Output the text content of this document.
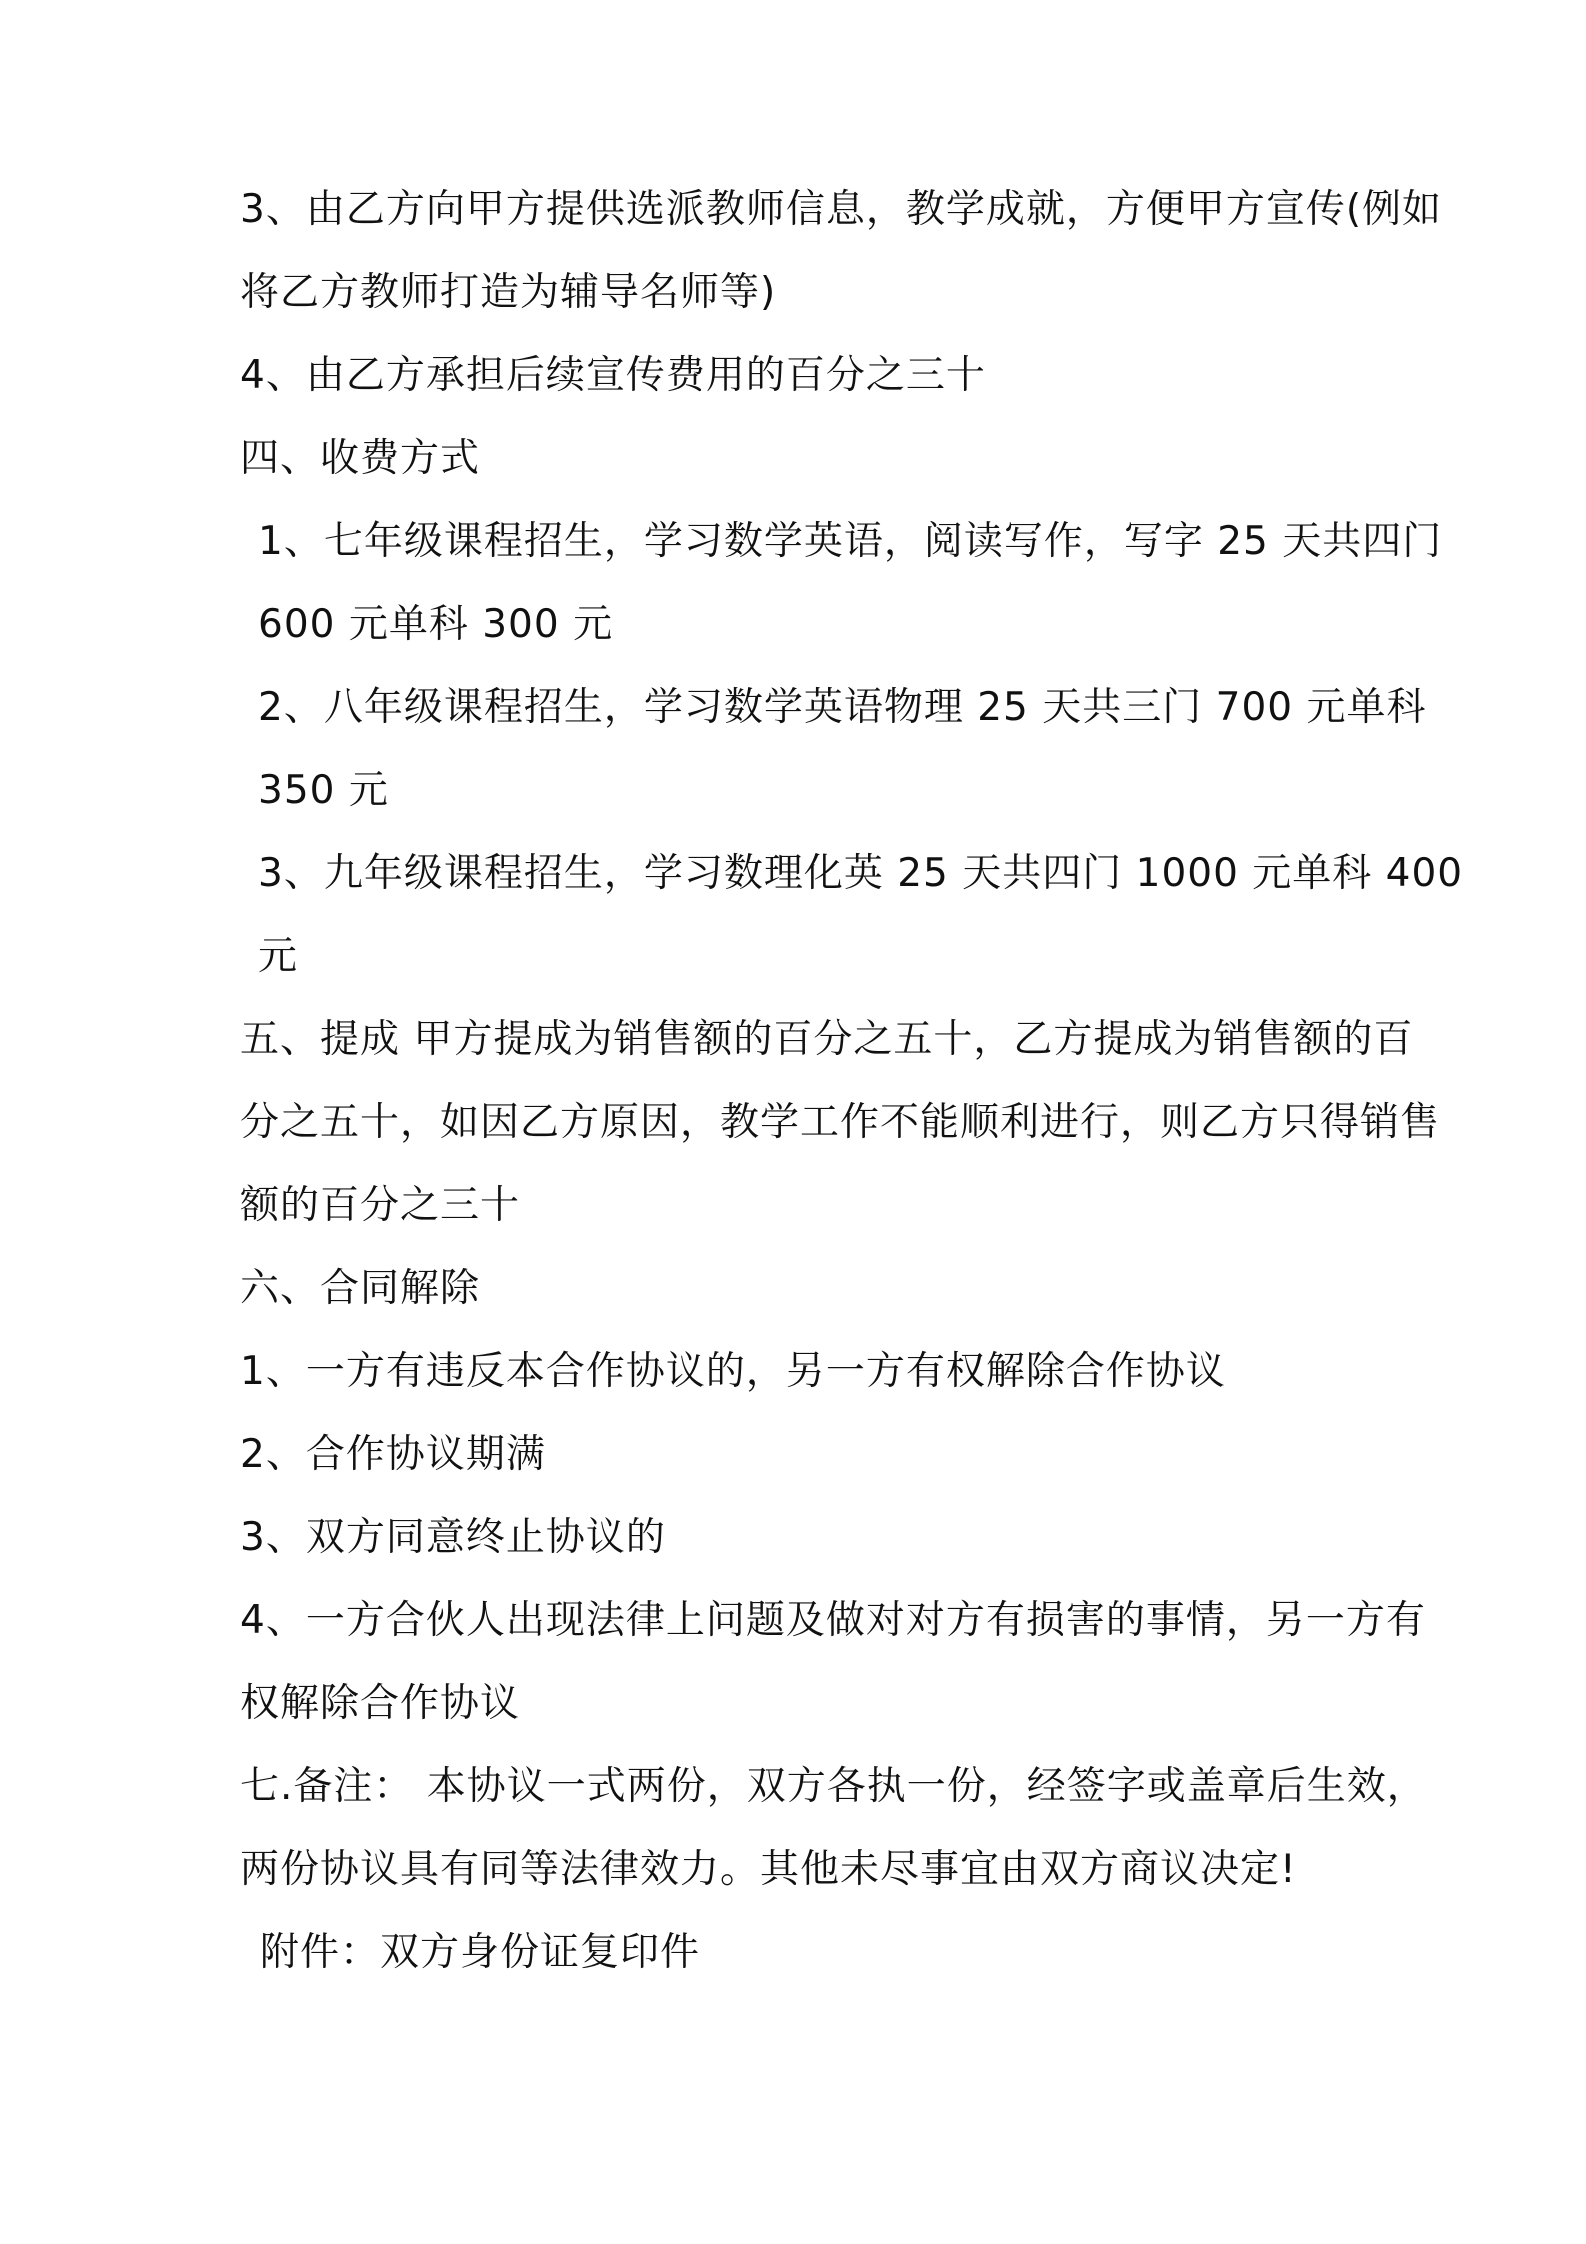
3、由乙方向甲方提供选派教师信息，教学成就，方便甲方宣传(例如
将乙方教师打造为辅导名师等)
4、由乙方承担后续宣传费用的百分之三十
四、收费方式
1、七年级课程招生，学习数学英语，阅读写作，写字 25 天共四门
600 元单科 300 元
2、八年级课程招生，学习数学英语物理 25 天共三门 700 元单科
350 元
3、九年级课程招生，学习数理化英 25 天共四门 1000 元单科 400
元
五、提成 甲方提成为销售额的百分之五十，乙方提成为销售额的百
分之五十，如因乙方原因，教学工作不能顺利进行，则乙方只得销售
额的百分之三十
六、合同解除
1、一方有违反本合作协议的，另一方有权解除合作协议
2、合作协议期满
3、双方同意终止协议的
4、一方合伙人出现法律上问题及做对对方有损害的事情，另一方有
权解除合作协议
七.备注： 本协议一式两份，双方各执一份，经签字或盖章后生效，
两份协议具有同等法律效力。其他未尽事宜由双方商议决定!
附件：双方身份证复印件
